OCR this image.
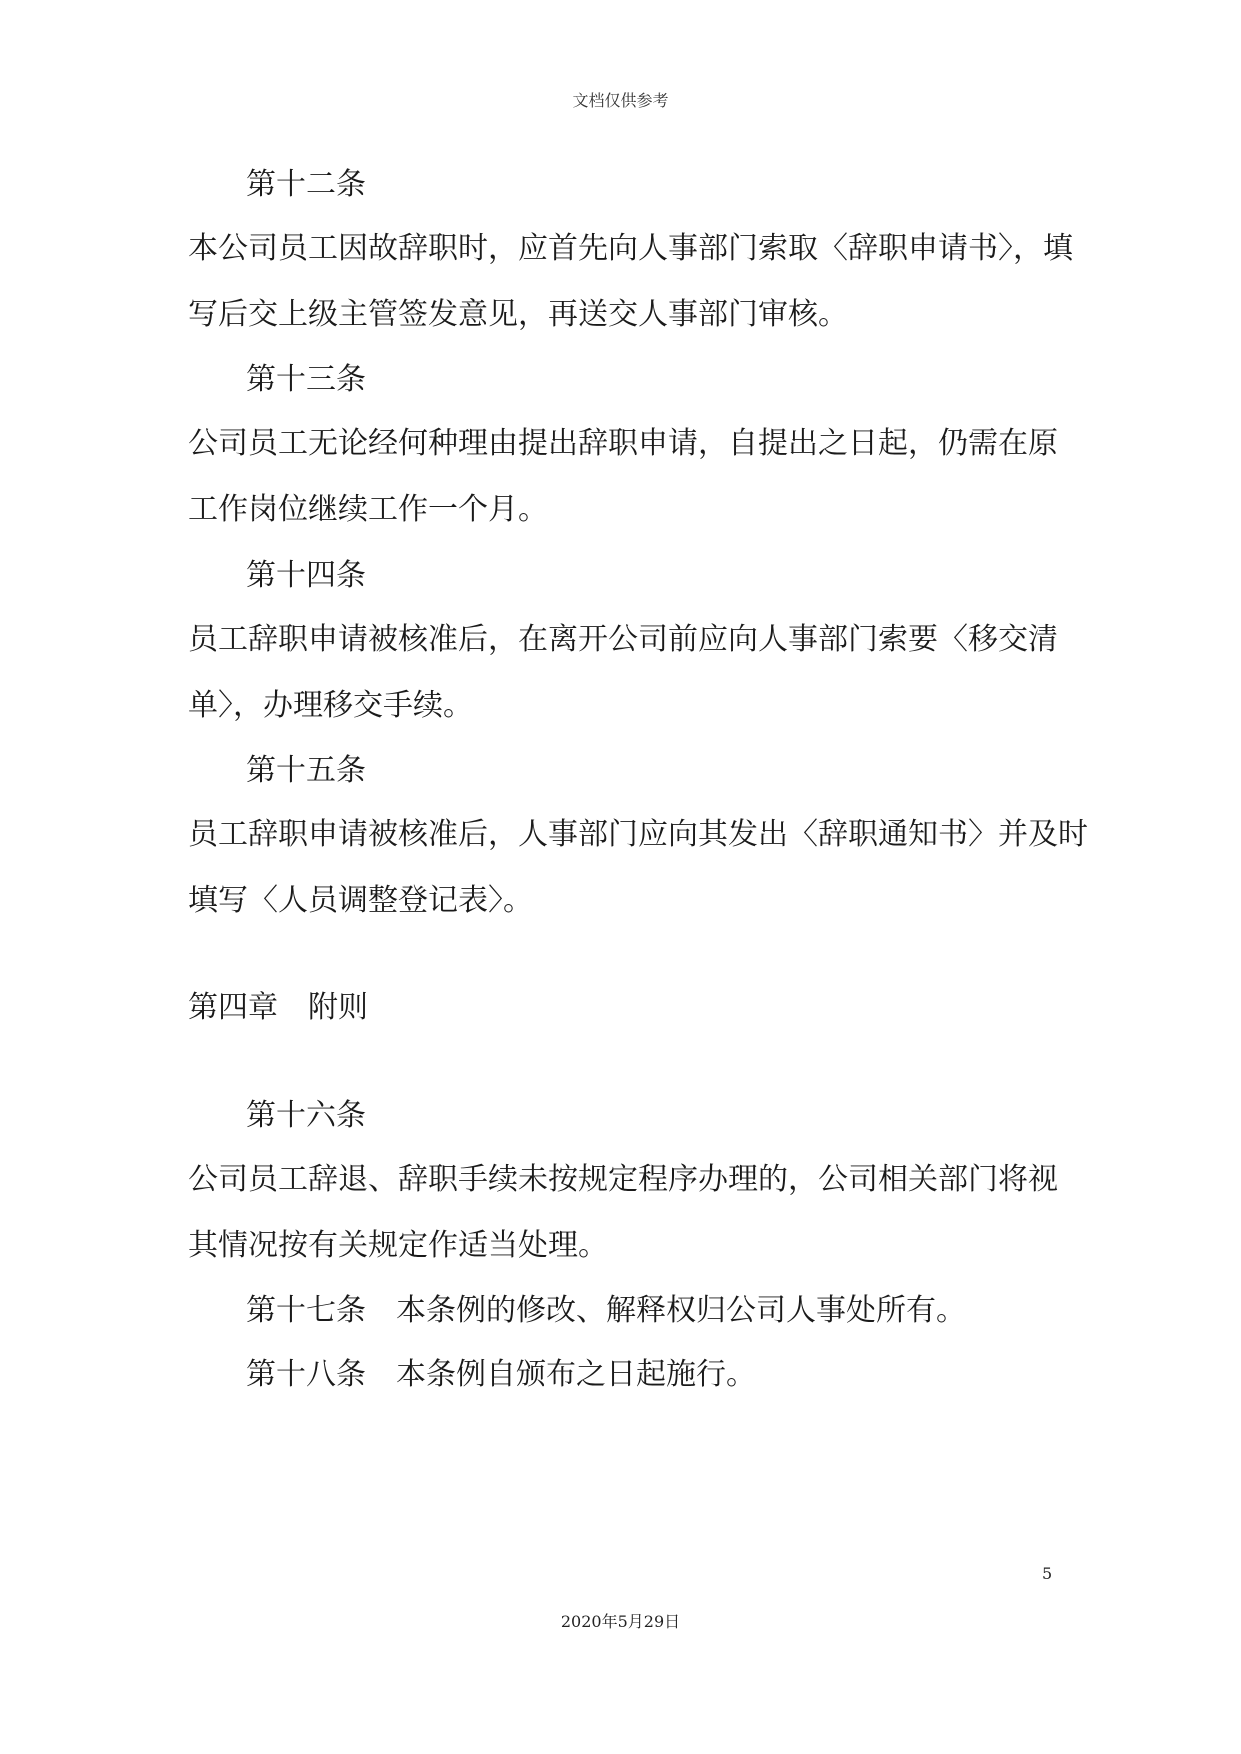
文档仅供参考
第十二条
本公司员工因故辞职时，应首先向人事部门索取〈辞职申请书〉，填
写后交上级主管签发意见，再送交人事部门审核。
第十三条
公司员工无论经何种理由提出辞职申请，自提出之日起，仍需在原
工作岗位继续工作一个月。
第十四条
员工辞职申请被核准后，在离开公司前应向人事部门索要〈移交清
单〉，办理移交手续。
第十五条
员工辞职申请被核准后，人事部门应向其发出〈辞职通知书〉并及时
填写〈人员调整登记表〉。
第四章　附则
第十六条
公司员工辞退、辞职手续未按规定程序办理的，公司相关部门将视
其情况按有关规定作适当处理。
第十七条　本条例的修改、解释权归公司人事处所有。
第十八条　本条例自颁布之日起施行。
5
2020年5月29日
